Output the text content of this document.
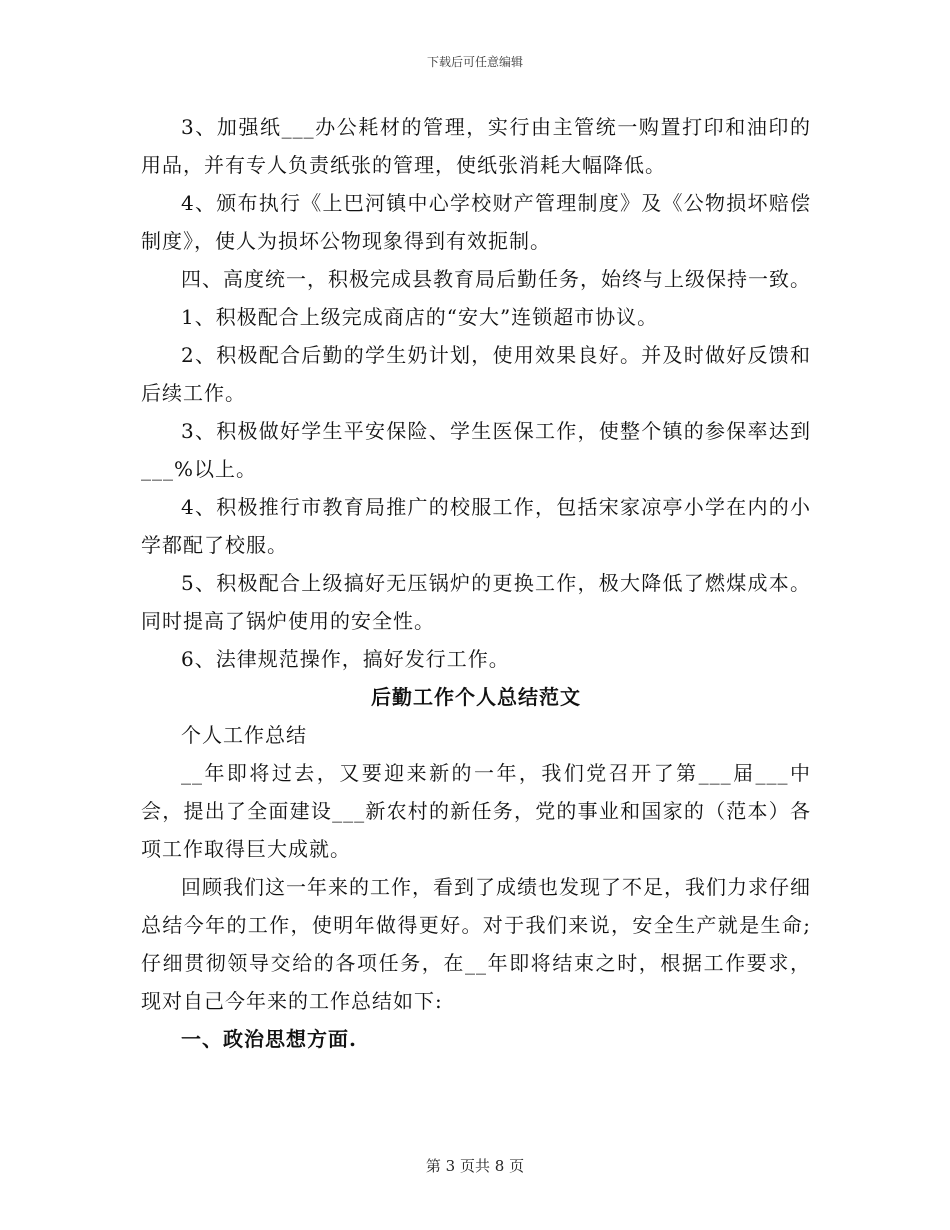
下载后可任意编辑

3、加强纸___办公耗材的管理，实行由主管统一购置打印和油印的用品，并有专人负责纸张的管理，使纸张消耗大幅降低。

4、颁布执行《上巴河镇中心学校财产管理制度》及《公物损坏赔偿制度》，使人为损坏公物现象得到有效扼制。

四、高度统一，积极完成县教育局后勤任务，始终与上级保持一致。

1、积极配合上级完成商店的“安大”连锁超市协议。

2、积极配合后勤的学生奶计划，使用效果良好。并及时做好反馈和后续工作。

3、积极做好学生平安保险、学生医保工作，使整个镇的参保率达到___%以上。

4、积极推行市教育局推广的校服工作，包括宋家凉亭小学在内的小学都配了校服。

5、积极配合上级搞好无压锅炉的更换工作，极大降低了燃煤成本。同时提高了锅炉使用的安全性。

6、法律规范操作，搞好发行工作。

后勤工作个人总结范文

个人工作总结

__年即将过去，又要迎来新的一年，我们党召开了第___届___中会，提出了全面建设___新农村的新任务，党的事业和国家的（范本）各项工作取得巨大成就。

回顾我们这一年来的工作，看到了成绩也发现了不足，我们力求仔细总结今年的工作，使明年做得更好。对于我们来说，安全生产就是生命;仔细贯彻领导交给的各项任务，在__年即将结束之时，根据工作要求，现对自己今年来的工作总结如下:

一、政治思想方面.

第 3 页共 8 页
